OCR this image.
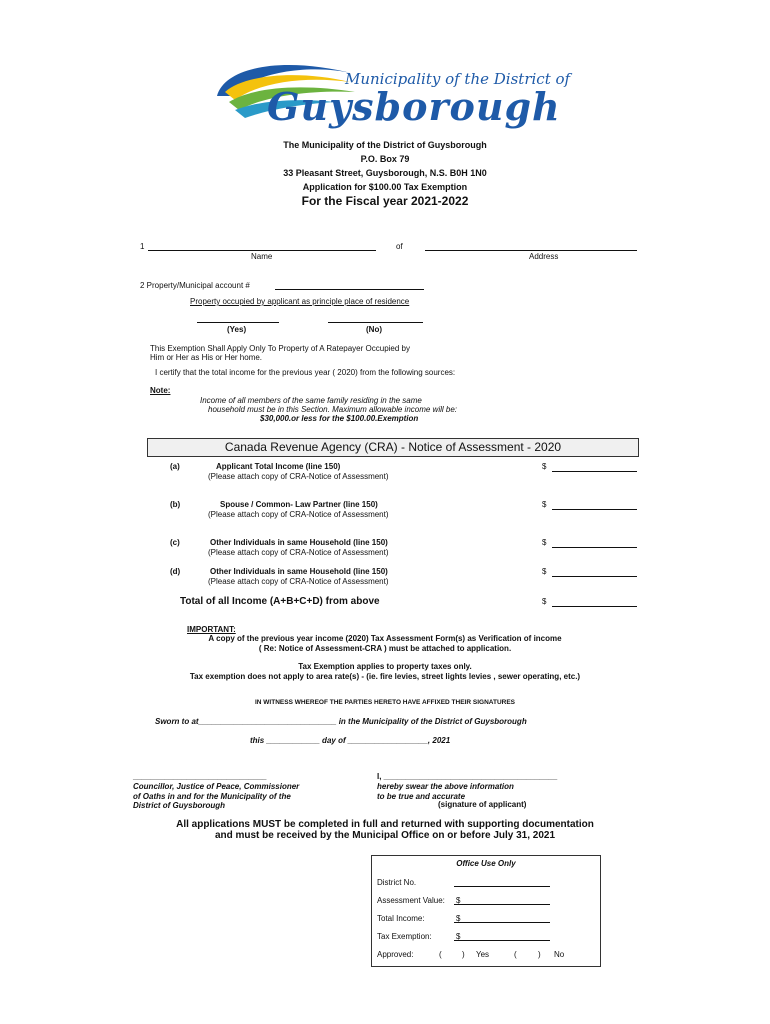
Municipality of the District of
Guysborough
The Municipality of the District of Guysborough
P.O. Box 79
33 Pleasant Street, Guysborough, N.S. B0H 1N0
Application for $100.00 Tax Exemption
For the Fiscal year 2021-2022
1	of
Name	Address
2 Property/Municipal account #
Property occupied by applicant as principle place of residence
(Yes)	(No)
This Exemption Shall Apply Only To Property of A Ratepayer Occupied by
Him or Her as His or Her home.
I certify that the total income for the previous year ( 2020) from the following sources:
Note:
Income of all members of the same family residing in the same
household must be in this Section. Maximum allowable income will be:
$30,000.or less for the $100.00.Exemption
Canada Revenue Agency (CRA) - Notice of Assessment - 2020
(a)	Applicant Total Income (line 150)
(Please attach copy of CRA-Notice of Assessment)
$
(b)	Spouse / Common- Law Partner (line 150)
(Please attach copy of CRA-Notice of Assessment)
$
(c)	Other Individuals in same Household (line 150)
(Please attach copy of CRA-Notice of Assessment)
$
(d)	Other Individuals in same Household (line 150)
(Please attach copy of CRA-Notice of Assessment)
$
Total of all Income (A+B+C+D) from above	$
IMPORTANT:
A copy of the previous year income (2020) Tax Assessment Form(s) as Verification of income
( Re: Notice of Assessment-CRA ) must be attached to application.
Tax Exemption applies to property taxes only.
Tax exemption does not apply to area rate(s) - (ie. fire levies, street lights levies , sewer operating, etc.)
IN WITNESS WHEREOF THE PARTIES HERETO HAVE AFFIXED THEIR SIGNATURES
Sworn to at_______________________________ in the Municipality of the District of Guysborough
this ____________ day of __________________, 2021
______________________________
Councillor, Justice of Peace, Commissioner
of Oaths in and for the Municipality of the
District of Guysborough
I, _______________________________________
hereby swear the above information
to be true and accurate
(signature of applicant)
All applications MUST be completed in full and returned with supporting documentation
and must be received by the Municipal Office on or before July 31, 2021
Office Use Only
District No.
Assessment Value: $
Total Income:	$
Tax Exemption:	$
Approved:	(	) Yes	(	) No
